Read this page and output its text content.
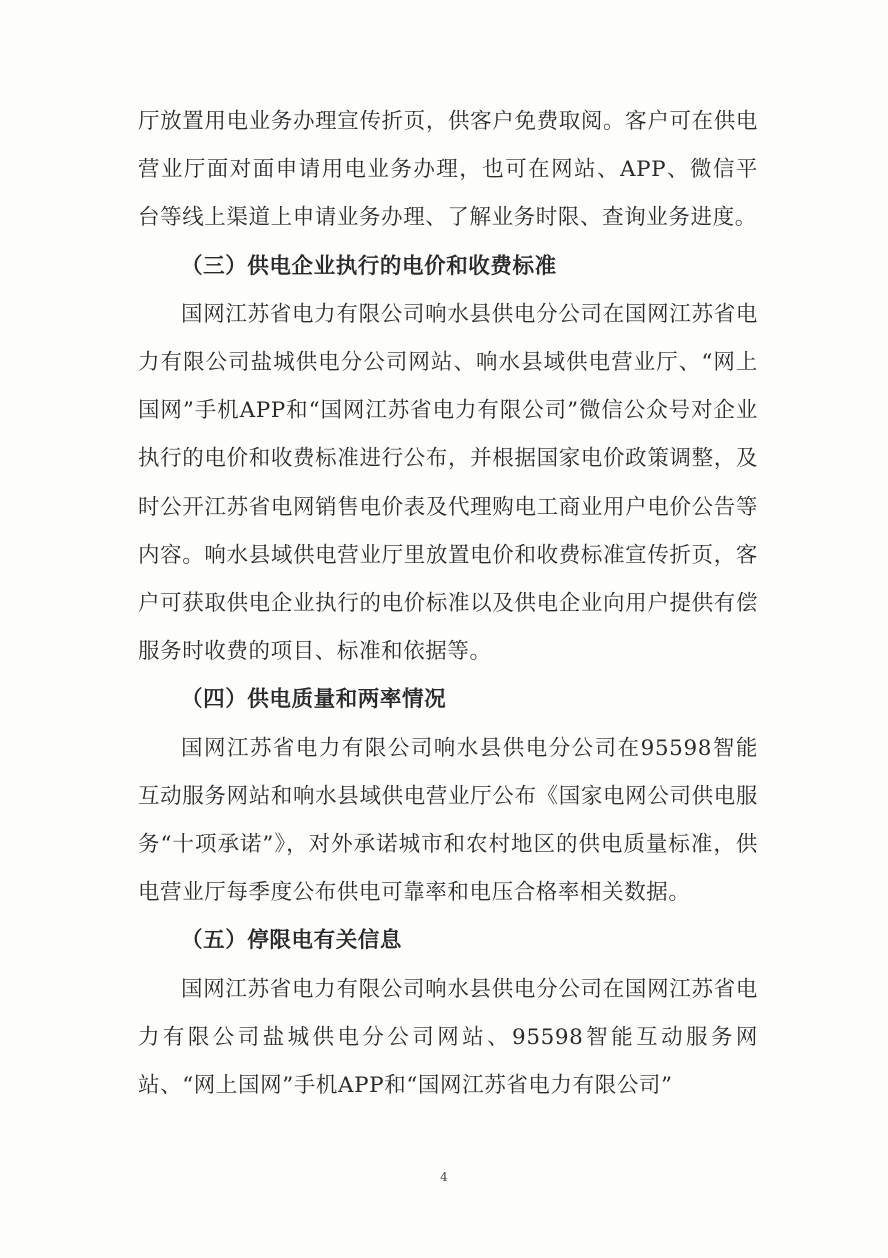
厅放置用电业务办理宣传折页，供客户免费取阅。客户可在供电营业厅面对面申请用电业务办理，也可在网站、APP、微信平台等线上渠道上申请业务办理、了解业务时限、查询业务进度。

（三）供电企业执行的电价和收费标准

国网江苏省电力有限公司响水县供电分公司在国网江苏省电力有限公司盐城供电分公司网站、响水县域供电营业厅、“网上国网”手机APP和“国网江苏省电力有限公司”微信公众号对企业执行的电价和收费标准进行公布，并根据国家电价政策调整，及时公开江苏省电网销售电价表及代理购电工商业用户电价公告等内容。响水县域供电营业厅里放置电价和收费标准宣传折页，客户可获取供电企业执行的电价标准以及供电企业向用户提供有偿服务时收费的项目、标准和依据等。

（四）供电质量和两率情况

国网江苏省电力有限公司响水县供电分公司在95598智能互动服务网站和响水县域供电营业厅公布《国家电网公司供电服务“十项承诺”》，对外承诺城市和农村地区的供电质量标准，供电营业厅每季度公布供电可靠率和电压合格率相关数据。

（五）停限电有关信息

国网江苏省电力有限公司响水县供电分公司在国网江苏省电力有限公司盐城供电分公司网站、95598智能互动服务网站、“网上国网”手机APP和“国网江苏省电力有限公司”

4
